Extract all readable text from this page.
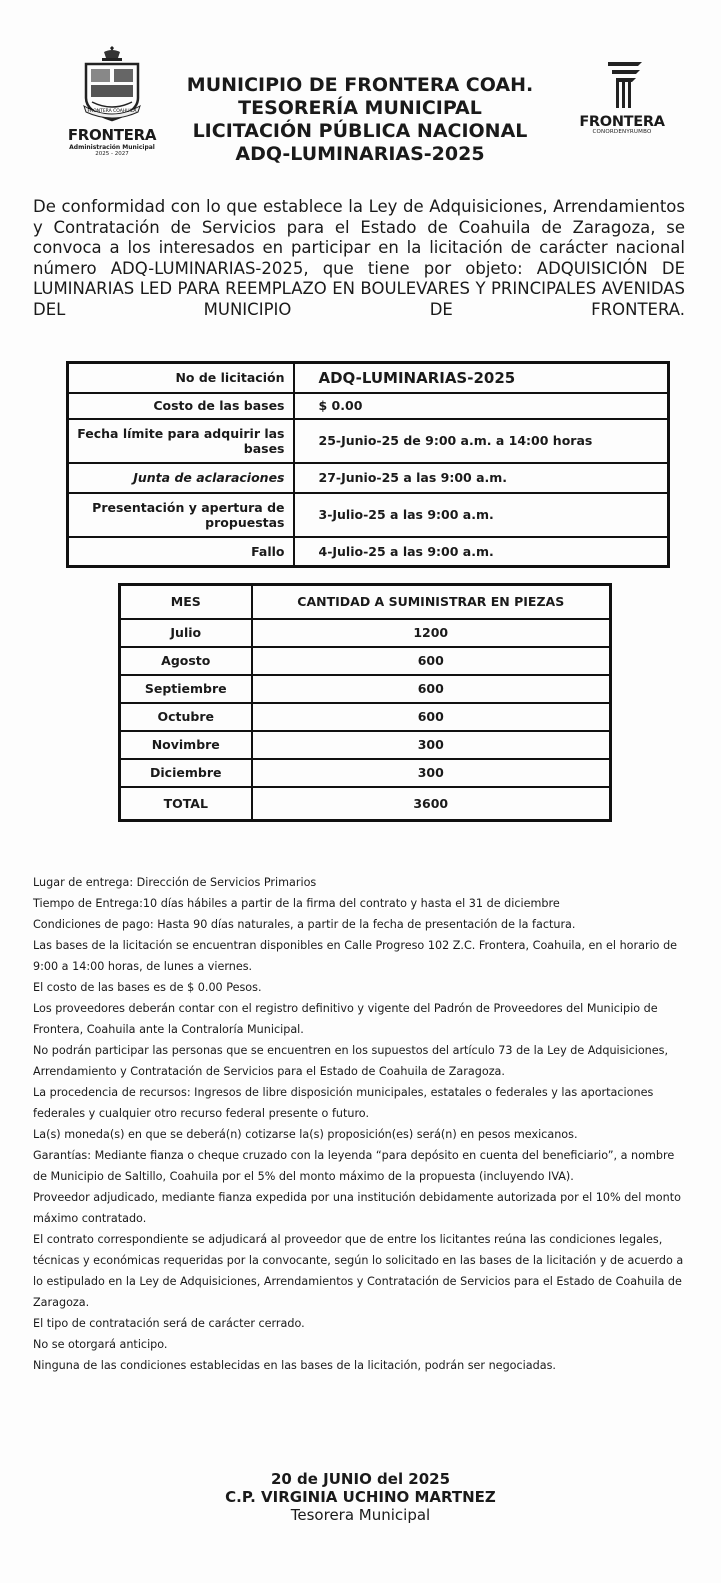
FRONTERA COAHUILA
FRONTERA
Administración Municipal
2025 - 2027
MUNICIPIO DE FRONTERA COAH.
TESORERÍA MUNICIPAL
LICITACIÓN PÚBLICA NACIONAL
ADQ-LUMINARIAS-2025
FRONTERA
CONORDENYRUMBO

De conformidad con lo que establece la Ley de Adquisiciones, Arrendamientos y Contratación de Servicios para el Estado de Coahuila de Zaragoza, se convoca a los interesados en participar en la licitación de carácter nacional número ADQ-LUMINARIAS-2025, que tiene por objeto: ADQUISICIÓN DE LUMINARIAS LED PARA REEMPLAZO EN BOULEVARES Y PRINCIPALES AVENIDAS DEL MUNICIPIO DE FRONTERA.

No de licitación	ADQ-LUMINARIAS-2025
Costo de las bases	$ 0.00
Fecha límite para adquirir las bases	25-Junio-25 de 9:00 a.m. a 14:00 horas
Junta de aclaraciones	27-Junio-25 a las 9:00 a.m.
Presentación y apertura de propuestas	3-Julio-25 a las 9:00 a.m.
Fallo	4-Julio-25 a las 9:00 a.m.
MES	CANTIDAD A SUMINISTRAR EN PIEZAS
Julio	1200
Agosto	600
Septiembre	600
Octubre	600
Novimbre	300
Diciembre	300
TOTAL	3600
Lugar de entrega: Dirección de Servicios Primarios
Tiempo de Entrega:10 días hábiles a partir de la firma del contrato y hasta el 31 de diciembre
Condiciones de pago: Hasta 90 días naturales, a partir de la fecha de presentación de la factura.
Las bases de la licitación se encuentran disponibles en Calle Progreso 102 Z.C. Frontera, Coahuila, en el horario de 9:00 a 14:00 horas, de lunes a viernes.
El costo de las bases es de $ 0.00 Pesos.
Los proveedores deberán contar con el registro definitivo y vigente del Padrón de Proveedores del Municipio de Frontera, Coahuila ante la Contraloría Municipal.
No podrán participar las personas que se encuentren en los supuestos del artículo 73 de la Ley de Adquisiciones, Arrendamiento y Contratación de Servicios para el Estado de Coahuila de Zaragoza.
La procedencia de recursos: Ingresos de libre disposición municipales, estatales o federales y las aportaciones federales y cualquier otro recurso federal presente o futuro.
La(s) moneda(s) en que se deberá(n) cotizarse la(s) proposición(es) será(n) en pesos mexicanos.
Garantías: Mediante fianza o cheque cruzado con la leyenda “para depósito en cuenta del beneficiario”, a nombre de Municipio de Saltillo, Coahuila por el 5% del monto máximo de la propuesta (incluyendo IVA).
Proveedor adjudicado, mediante fianza expedida por una institución debidamente autorizada por el 10% del monto máximo contratado.
El contrato correspondiente se adjudicará al proveedor que de entre los licitantes reúna las condiciones legales, técnicas y económicas requeridas por la convocante, según lo solicitado en las bases de la licitación y de acuerdo a lo estipulado en la Ley de Adquisiciones, Arrendamientos y Contratación de Servicios para el Estado de Coahuila de Zaragoza.
El tipo de contratación será de carácter cerrado.
No se otorgará anticipo.
Ninguna de las condiciones establecidas en las bases de la licitación, podrán ser negociadas.
20 de JUNIO del 2025
C.P. VIRGINIA UCHINO MARTNEZ
Tesorera Municipal
